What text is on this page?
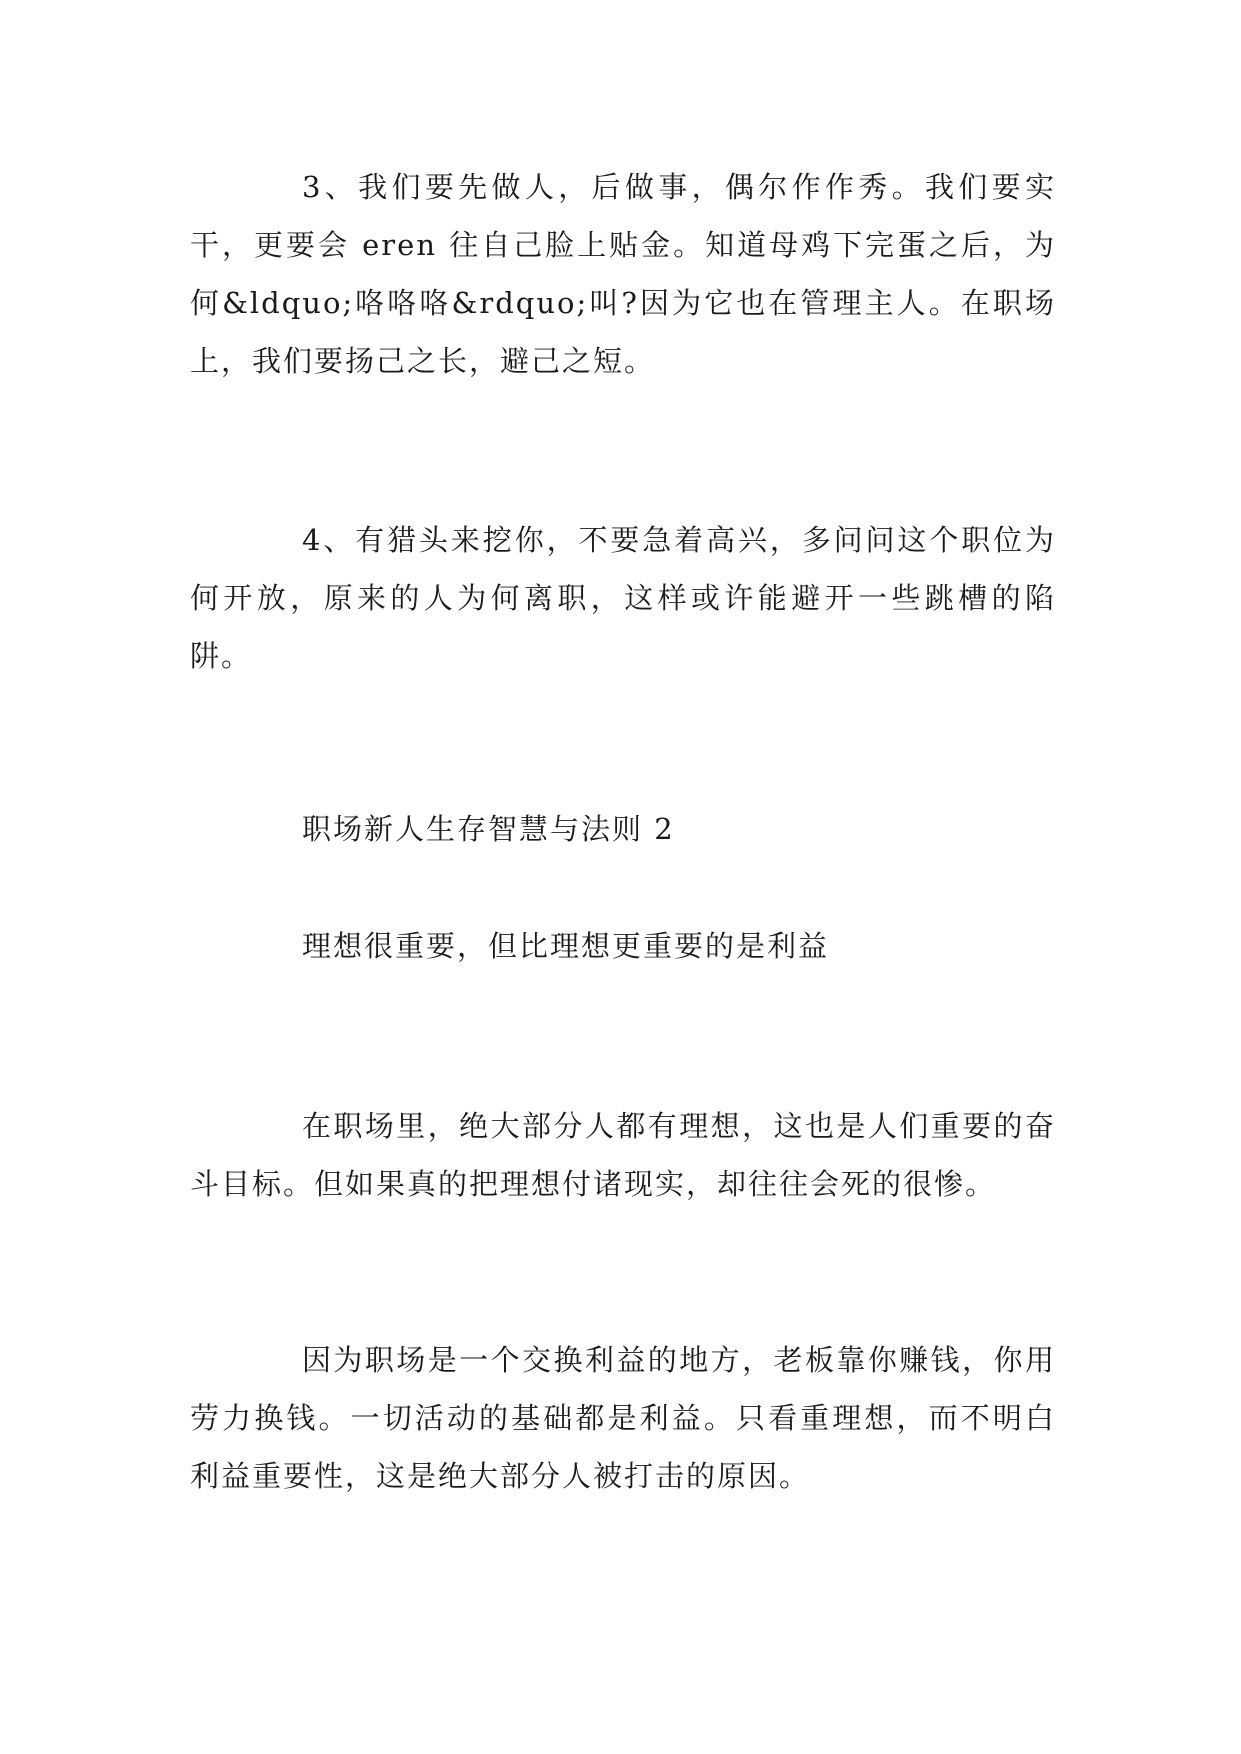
3、我们要先做人，后做事，偶尔作作秀。我们要实干，更要会 eren 往自己脸上贴金。知道母鸡下完蛋之后，为何&ldquo;咯咯咯&rdquo;叫?因为它也在管理主人。在职场上，我们要扬己之长，避己之短。

4、有猎头来挖你，不要急着高兴，多问问这个职位为何开放，原来的人为何离职，这样或许能避开一些跳槽的陷阱。

职场新人生存智慧与法则 2

理想很重要，但比理想更重要的是利益

在职场里，绝大部分人都有理想，这也是人们重要的奋斗目标。但如果真的把理想付诸现实，却往往会死的很惨。

因为职场是一个交换利益的地方，老板靠你赚钱，你用劳力换钱。一切活动的基础都是利益。只看重理想，而不明白利益重要性，这是绝大部分人被打击的原因。
